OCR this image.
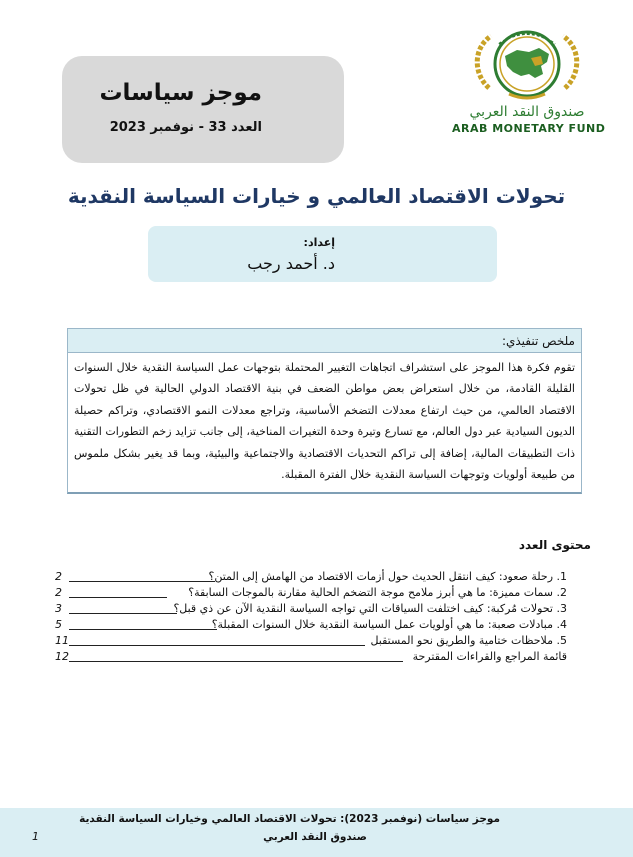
موجز سياسات
العدد 33 - نوفمبر 2023
صندوق النقد العربي
ARAB MONETARY FUND
تحولات الاقتصاد العالمي و خيارات السياسة النقدية
إعداد:
د. أحمد رجب
ملخص تنفيذي:
تقوم فكرة هذا الموجز على استشراف اتجاهات التغيير المحتملة بتوجهات عمل السياسة النقدية خلال السنوات القليلة القادمة، من خلال استعراض بعض مواطن الضعف في بنية الاقتصاد الدولي الحالية في ظل تحولات الاقتصاد العالمي، من حيث ارتفاع معدلات التضخم الأساسية، وتراجع معدلات النمو الاقتصادي، وتراكم حصيلة الديون السيادية عبر دول العالم، مع تسارع وتيرة وحدة التغيرات المناخية، إلى جانب تزايد زخم التطورات التقنية ذات التطبيقات المالية، إضافة إلى تراكم التحديات الاقتصادية والاجتماعية والبيئية، وبما قد يغير بشكل ملموس من طبيعة أولويات وتوجهات السياسة النقدية خلال الفترة المقبلة.
محتوى العدد
1. رحلة صعود: كيف انتقل الحديث حول أزمات الاقتصاد من الهامش إلى المتن؟
2
2. سمات مميزة: ما هي أبرز ملامح موجة التضخم الحالية مقارنة بالموجات السابقة؟
2
3. تحولات مُركبة: كيف اختلفت السياقات التي تواجه السياسة النقدية الآن عن ذي قبل؟
3
4. مبادلات صعبة: ما هي أولويات عمل السياسة النقدية خلال السنوات المقبلة؟
5
5. ملاحظات ختامية والطريق نحو المستقبل
11
قائمة المراجع والقراءات المقترحة
12
موجز سياسات (نوفمبر 2023): تحولات الاقتصاد العالمي وخيارات السياسة النقدية
صندوق النقد العربي
1
